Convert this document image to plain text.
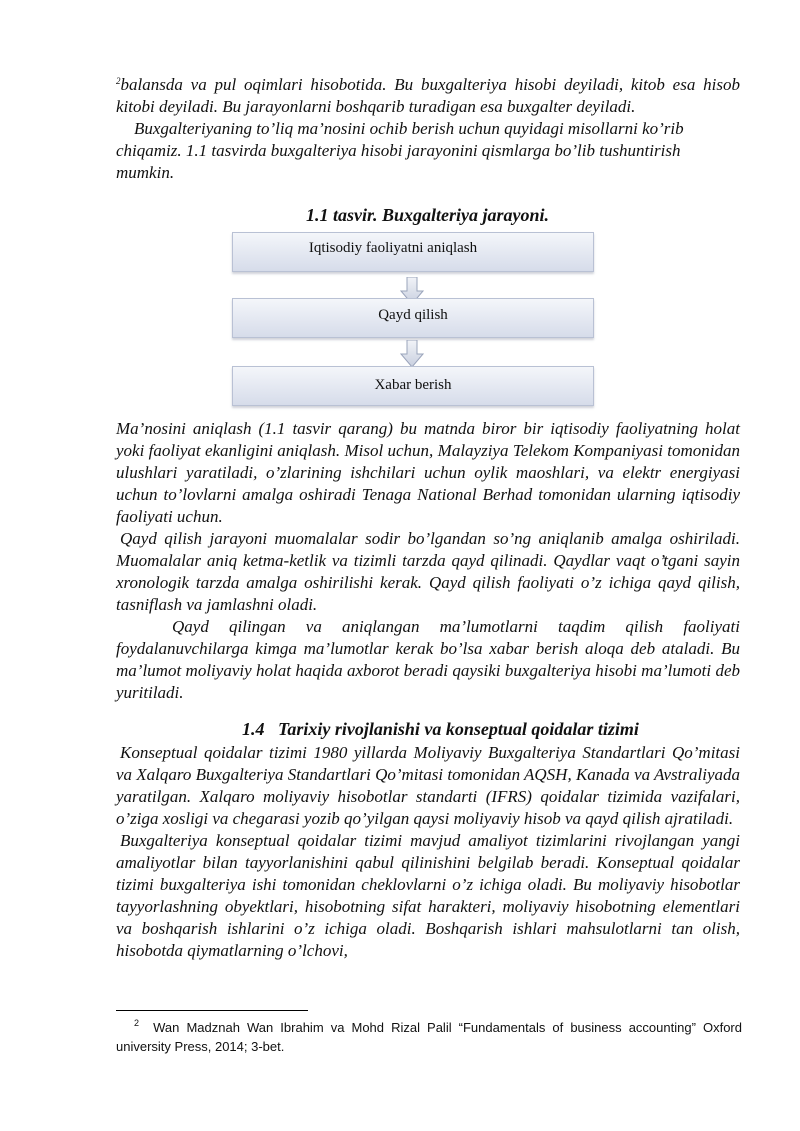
$^2$balansda va pul oqimlari hisobotida. Bu buxgalteriya hisobi deyiladi, kitob esa hisob kitobi deyiladi. Bu jarayonlarni boshqarib turadigan esa buxgalter deyiladi.

Buxgalteriyaning to’liq ma’nosini ochib berish uchun quyidagi misollarni ko’rib chiqamiz. 1.1 tasvirda buxgalteriya hisobi jarayonini qismlarga bo’lib tushuntirish mumkin.

1.1 tasvir. Buxgalteriya jarayoni.

Iqtisodiy faoliyatni aniqlash
Qayd qilish
Xabar berish

Ma’nosini aniqlash (1.1 tasvir qarang) bu matnda biror bir iqtisodiy faoliyatning holat yoki faoliyat ekanligini aniqlash. Misol uchun, Malayziya Telekom Kompaniyasi tomonidan ulushlari yaratiladi, o’zlarining ishchilari uchun oylik maoshlari, va elektr energiyasi uchun to’lovlarni amalga oshiradi Tenaga National Berhad tomonidan ularning iqtisodiy faoliyati uchun.

Qayd qilish jarayoni muomalalar sodir bo’lgandan so’ng aniqlanib amalga oshiriladi. Muomalalar aniq ketma-ketlik va tizimli tarzda qayd qilinadi. Qaydlar vaqt o’tgani sayin xronologik tarzda amalga oshirilishi kerak. Qayd qilish faoliyati o’z ichiga qayd qilish, tasniflash va jamlashni oladi.

Qayd qilingan va aniqlangan ma’lumotlarni taqdim qilish faoliyati foydalanuvchilarga kimga ma’lumotlar kerak bo’lsa xabar berish aloqa deb ataladi. Bu ma’lumot moliyaviy holat haqida axborot beradi qaysiki buxgalteriya hisobi ma’lumoti deb yuritiladi.

1.4 Tarixiy rivojlanishi va konseptual qoidalar tizimi

Konseptual qoidalar tizimi 1980 yillarda Moliyaviy Buxgalteriya Standartlari Qo’mitasi va Xalqaro Buxgalteriya Standartlari Qo’mitasi tomonidan AQSH, Kanada va Avstraliyada yaratilgan. Xalqaro moliyaviy hisobotlar standarti (IFRS) qoidalar tizimida vazifalari, o’ziga xosligi va chegarasi yozib qo’yilgan qaysi moliyaviy hisob va qayd qilish ajratiladi.

Buxgalteriya konseptual qoidalar tizimi mavjud amaliyot tizimlarini rivojlangan yangi amaliyotlar bilan tayyorlanishini qabul qilinishini belgilab beradi. Konseptual qoidalar tizimi buxgalteriya ishi tomonidan cheklovlarni o’z ichiga oladi. Bu moliyaviy hisobotlar tayyorlashning obyektlari, hisobotning sifat harakteri, moliyaviy hisobotning elementlari va boshqarish ishlarini o’z ichiga oladi. Boshqarish ishlari mahsulotlarni tan olish, hisobotda qiymatlarning o’lchovi,

$^2$ Wan Madznah Wan Ibrahim va Mohd Rizal Palil “Fundamentals of business accounting” Oxford university Press, 2014; 3-bet.
